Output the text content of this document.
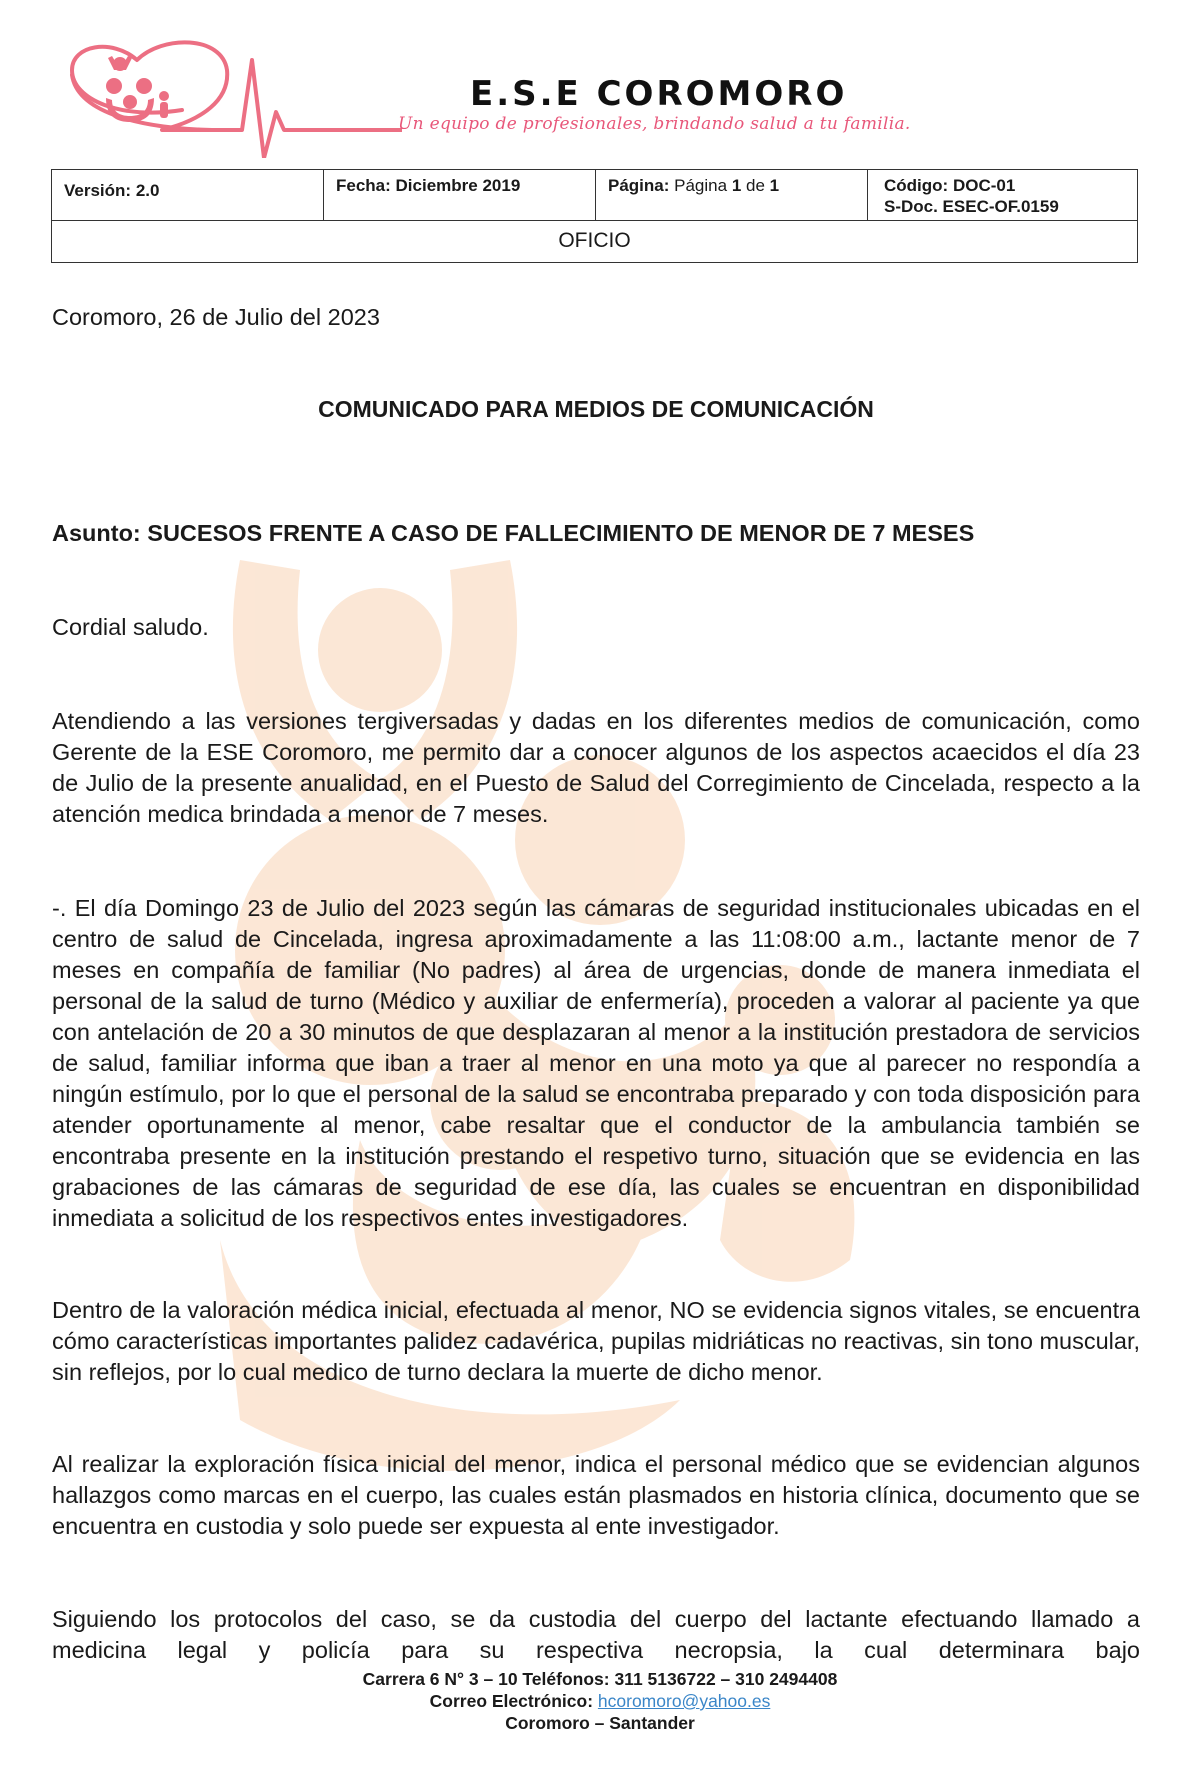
E.S.E COROMORO
Un equipo de profesionales, brindando salud a tu familia.
Versión: 2.0	Fecha: Diciembre 2019	Página: Página 1 de 1	Código: DOC-01
S-Doc. ESEC-OF.0159
OFICIO
Coromoro, 26 de Julio del 2023
COMUNICADO PARA MEDIOS DE COMUNICACIÓN
Asunto: SUCESOS FRENTE A CASO DE FALLECIMIENTO DE MENOR DE 7 MESES
Cordial saludo.
Atendiendo a las versiones tergiversadas y dadas en los diferentes medios de comunicación, como Gerente de la ESE Coromoro, me permito dar a conocer algunos de los aspectos acaecidos el día 23 de Julio de la presente anualidad, en el Puesto de Salud del Corregimiento de Cincelada, respecto a la atención medica brindada a menor de 7 meses.
-. El día Domingo 23 de Julio del 2023 según las cámaras de seguridad institucionales ubicadas en el centro de salud de Cincelada, ingresa aproximadamente a las 11:08:00 a.m., lactante menor de 7 meses en compañía de familiar (No padres) al área de urgencias, donde de manera inmediata el personal de la salud de turno (Médico y auxiliar de enfermería), proceden a valorar al paciente ya que con antelación de 20 a 30 minutos de que desplazaran al menor a la institución prestadora de servicios de salud, familiar informa que iban a traer al menor en una moto ya que al parecer no respondía a ningún estímulo, por lo que el personal de la salud se encontraba preparado y con toda disposición para atender oportunamente al menor, cabe resaltar que el conductor de la ambulancia también se encontraba presente en la institución prestando el respetivo turno, situación que se evidencia en las grabaciones de las cámaras de seguridad de ese día, las cuales se encuentran en disponibilidad inmediata a solicitud de los respectivos entes investigadores.
Dentro de la valoración médica inicial, efectuada al menor, NO se evidencia signos vitales, se encuentra cómo características importantes palidez cadavérica, pupilas midriáticas no reactivas, sin tono muscular, sin reflejos, por lo cual medico de turno declara la muerte de dicho menor.
Al realizar la exploración física inicial del menor, indica el personal médico que se evidencian algunos hallazgos como marcas en el cuerpo, las cuales están plasmados en historia clínica, documento que se encuentra en custodia y solo puede ser expuesta al ente investigador.
Siguiendo los protocolos del caso, se da custodia del cuerpo del lactante efectuando llamado a medicina legal y policía para su respectiva necropsia, la cual determinara bajo
Carrera 6 N° 3 – 10 Teléfonos: 311 5136722 – 310 2494408
Correo Electrónico: hcoromoro@yahoo.es
Coromoro – Santander
